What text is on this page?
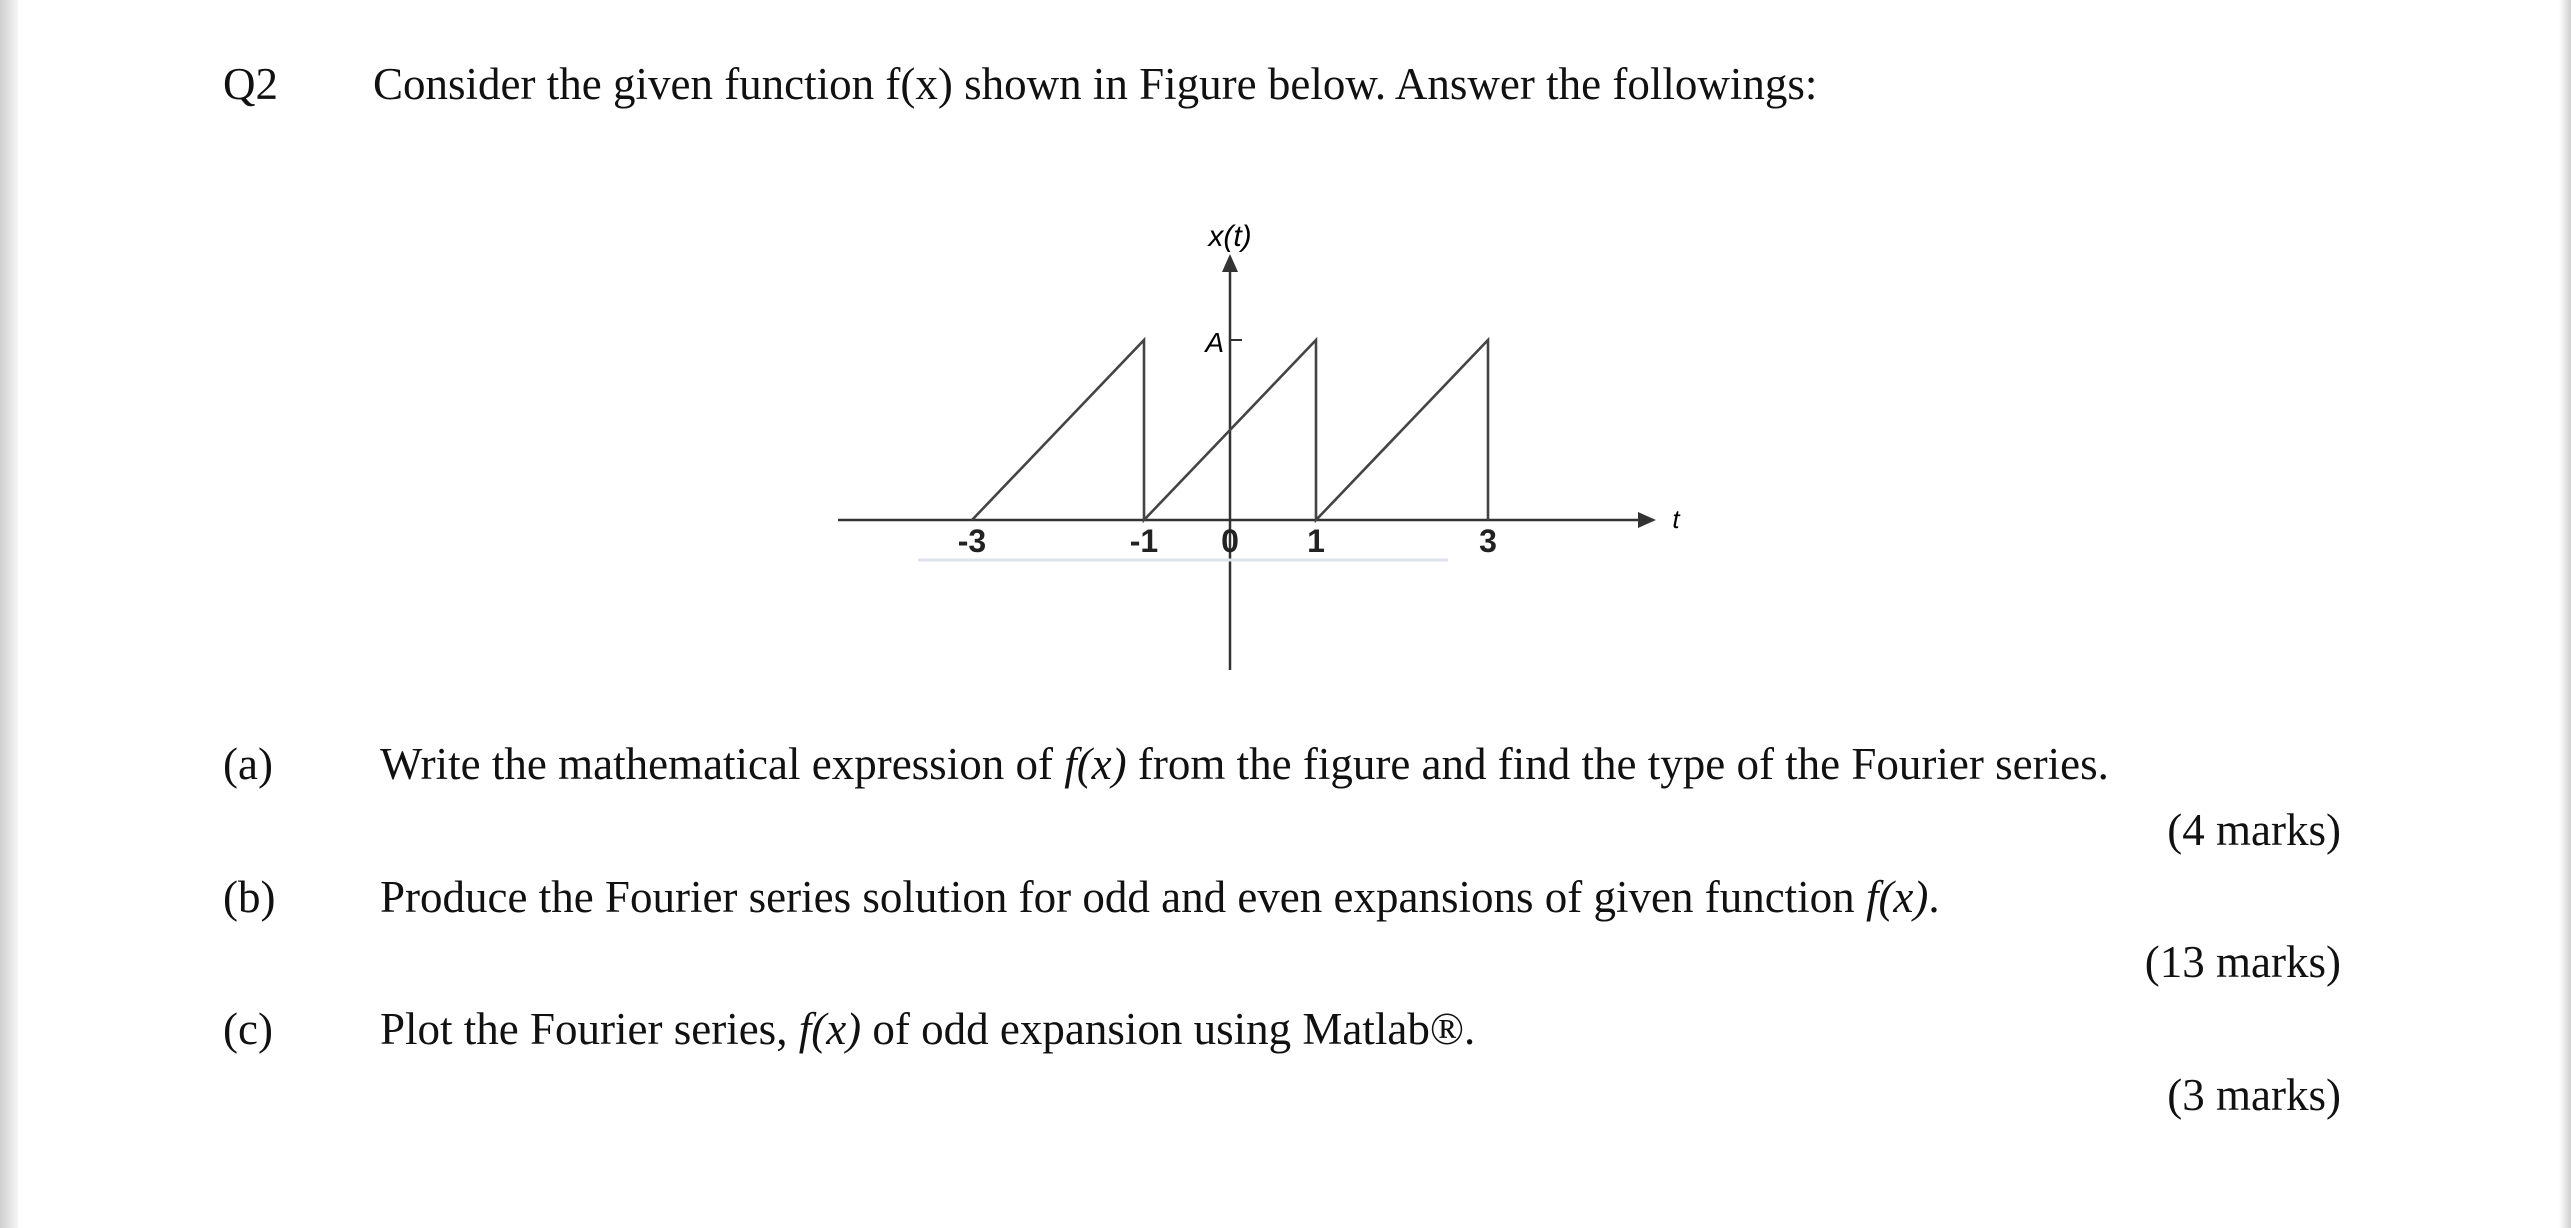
Q2 Consider the given function f(x) shown in Figure below. Answer the followings:
x(t)
A
t
-3	-1 0 1	3
(a) Write the mathematical expression of f(x) from the figure and find the type of the Fourier series.
(4 marks)
(b) Produce the Fourier series solution for odd and even expansions of given function f(x).
(13 marks)
(c) Plot the Fourier series, f(x) of odd expansion using Matlab®.
(3 marks)
